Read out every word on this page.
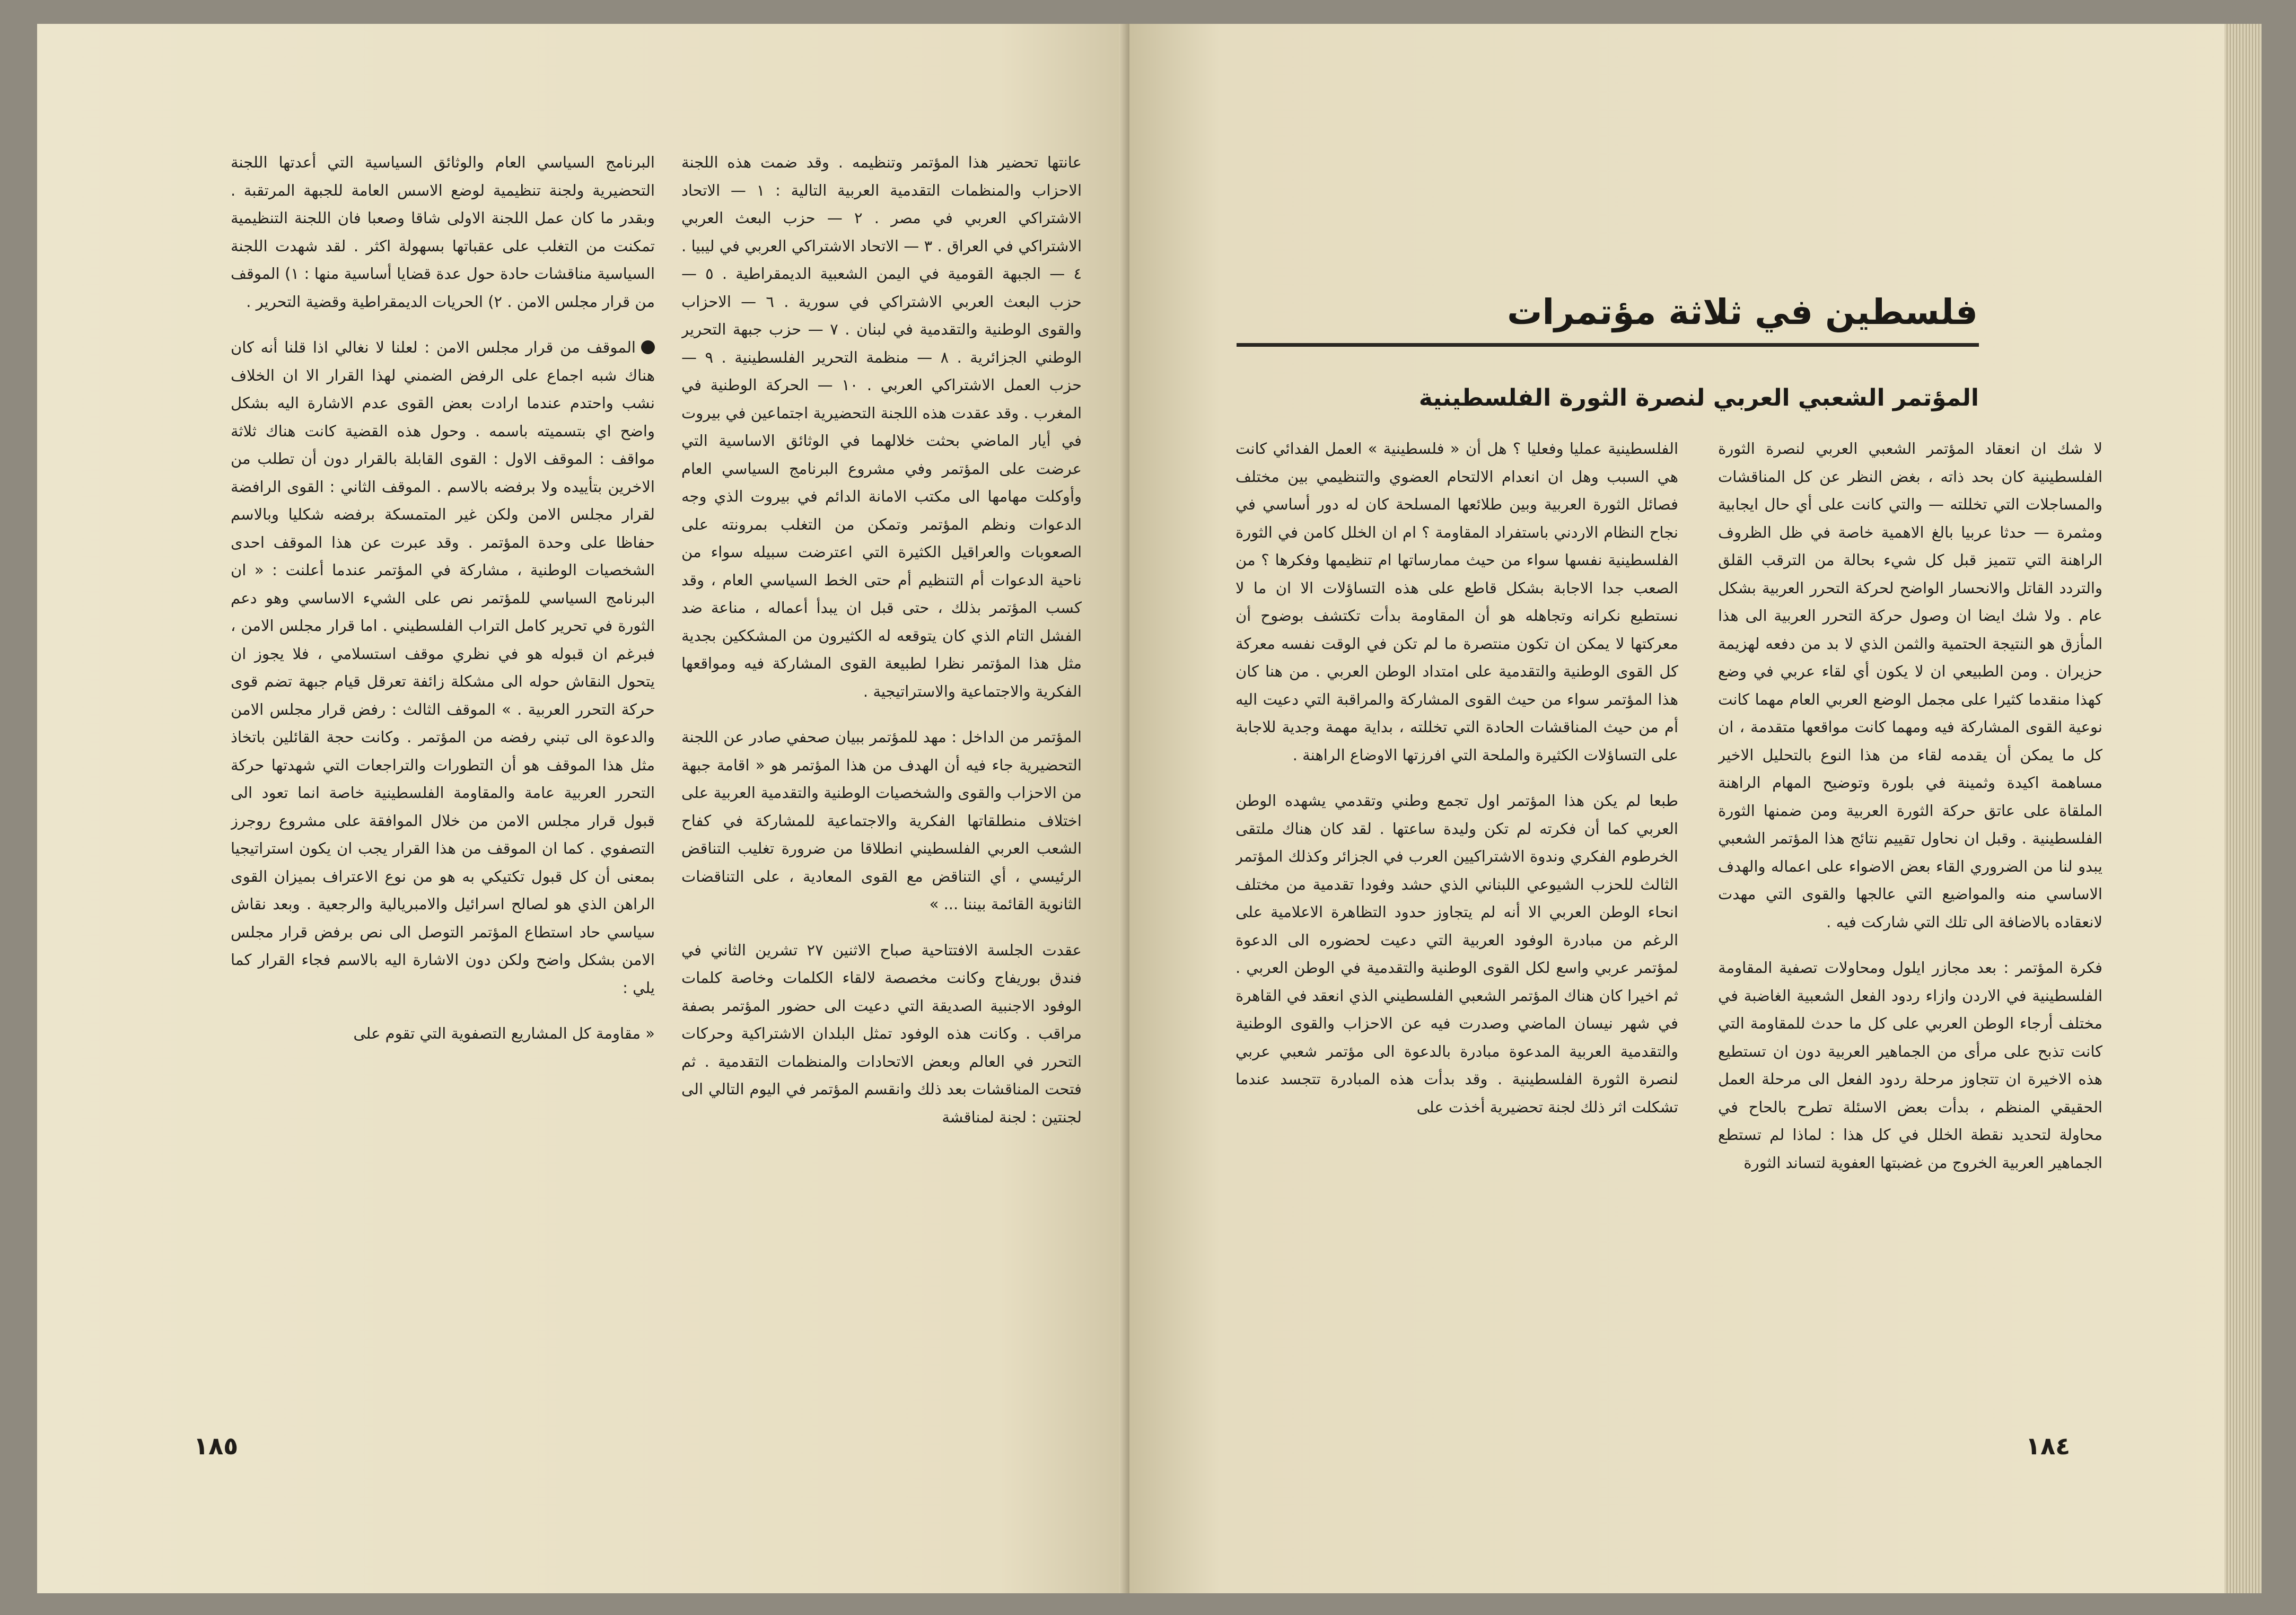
عانتها تحضير هذا المؤتمر وتنظيمه . وقد ضمت هذه اللجنة الاحزاب والمنظمات التقدمية العربية التالية : ١ — الاتحاد الاشتراكي العربي في مصر . ٢ — حزب البعث العربي الاشتراكي في العراق . ٣ — الاتحاد الاشتراكي العربي في ليبيا . ٤ — الجبهة القومية في اليمن الشعبية الديمقراطية . ٥ — حزب البعث العربي الاشتراكي في سورية . ٦ — الاحزاب والقوى الوطنية والتقدمية في لبنان . ٧ — حزب جبهة التحرير الوطني الجزائرية . ٨ — منظمة التحرير الفلسطينية . ٩ — حزب العمل الاشتراكي العربي . ١٠ — الحركة الوطنية في المغرب . وقد عقدت هذه اللجنة التحضيرية اجتماعين في بيروت في أيار الماضي بحثت خلالهما في الوثائق الاساسية التي عرضت على المؤتمر وفي مشروع البرنامج السياسي العام وأوكلت مهامها الى مكتب الامانة الدائم في بيروت الذي وجه الدعوات ونظم المؤتمر وتمكن من التغلب بمرونته على الصعوبات والعراقيل الكثيرة التي اعترضت سبيله سواء من ناحية الدعوات أم التنظيم أم حتى الخط السياسي العام ، وقد كسب المؤتمر بذلك ، حتى قبل ان يبدأ أعماله ، مناعة ضد الفشل التام الذي كان يتوقعه له الكثيرون من المشككين بجدية مثل هذا المؤتمر نظرا لطبيعة القوى المشاركة فيه ومواقعها الفكرية والاجتماعية والاستراتيجية .

المؤتمر من الداخل : مهد للمؤتمر ببيان صحفي صادر عن اللجنة التحضيرية جاء فيه أن الهدف من هذا المؤتمر هو « اقامة جبهة من الاحزاب والقوى والشخصيات الوطنية والتقدمية العربية على اختلاف منطلقاتها الفكرية والاجتماعية للمشاركة في كفاح الشعب العربي الفلسطيني انطلاقا من ضرورة تغليب التناقض الرئيسي ، أي التناقض مع القوى المعادية ، على التناقضات الثانوية القائمة بيننا ... »

عقدت الجلسة الافتتاحية صباح الاثنين ٢٧ تشرين الثاني في فندق بوريفاج وكانت مخصصة لالقاء الكلمات وخاصة كلمات الوفود الاجنبية الصديقة التي دعيت الى حضور المؤتمر بصفة مراقب . وكانت هذه الوفود تمثل البلدان الاشتراكية وحركات التحرر في العالم وبعض الاتحادات والمنظمات التقدمية . ثم فتحت المناقشات بعد ذلك وانقسم المؤتمر في اليوم التالي الى لجنتين : لجنة لمناقشة

البرنامج السياسي العام والوثائق السياسية التي أعدتها اللجنة التحضيرية ولجنة تنظيمية لوضع الاسس العامة للجبهة المرتقبة . وبقدر ما كان عمل اللجنة الاولى شاقا وصعبا فان اللجنة التنظيمية تمكنت من التغلب على عقباتها بسهولة اكثر . لقد شهدت اللجنة السياسية مناقشات حادة حول عدة قضايا أساسية منها : ١) الموقف من قرار مجلس الامن . ٢) الحريات الديمقراطية وقضية التحرير .

الموقف من قرار مجلس الامن : لعلنا لا نغالي اذا قلنا أنه كان هناك شبه اجماع على الرفض الضمني لهذا القرار الا ان الخلاف نشب واحتدم عندما ارادت بعض القوى عدم الاشارة اليه بشكل واضح اي بتسميته باسمه . وحول هذه القضية كانت هناك ثلاثة مواقف : الموقف الاول : القوى القابلة بالقرار دون أن تطلب من الاخرين بتأييده ولا برفضه بالاسم . الموقف الثاني : القوى الرافضة لقرار مجلس الامن ولكن غير المتمسكة برفضه شكليا وبالاسم حفاظا على وحدة المؤتمر . وقد عبرت عن هذا الموقف احدى الشخصيات الوطنية ، مشاركة في المؤتمر عندما أعلنت : « ان البرنامج السياسي للمؤتمر نص على الشيء الاساسي وهو دعم الثورة في تحرير كامل التراب الفلسطيني . اما قرار مجلس الامن ، فبرغم ان قبوله هو في نظري موقف استسلامي ، فلا يجوز ان يتحول النقاش حوله الى مشكلة زائفة تعرقل قيام جبهة تضم قوى حركة التحرر العربية . » الموقف الثالث : رفض قرار مجلس الامن والدعوة الى تبني رفضه من المؤتمر . وكانت حجة القائلين باتخاذ مثل هذا الموقف هو أن التطورات والتراجعات التي شهدتها حركة التحرر العربية عامة والمقاومة الفلسطينية خاصة انما تعود الى قبول قرار مجلس الامن من خلال الموافقة على مشروع روجرز التصفوي . كما ان الموقف من هذا القرار يجب ان يكون استراتيجيا بمعنى أن كل قبول تكتيكي به هو من نوع الاعتراف بميزان القوى الراهن الذي هو لصالح اسرائيل والامبريالية والرجعية . وبعد نقاش سياسي حاد استطاع المؤتمر التوصل الى نص برفض قرار مجلس الامن بشكل واضح ولكن دون الاشارة اليه بالاسم فجاء القرار كما يلي :

« مقاومة كل المشاريع التصفوية التي تقوم على

١٨٥

لا شك ان انعقاد المؤتمر الشعبي العربي لنصرة الثورة الفلسطينية كان بحد ذاته ، بغض النظر عن كل المناقشات والمساجلات التي تخللته — والتي كانت على أي حال ايجابية ومثمرة — حدثا عربيا بالغ الاهمية خاصة في ظل الظروف الراهنة التي تتميز قبل كل شيء بحالة من الترقب القلق والتردد القاتل والانحسار الواضح لحركة التحرر العربية بشكل عام . ولا شك ايضا ان وصول حركة التحرر العربية الى هذا المأزق هو النتيجة الحتمية والثمن الذي لا بد من دفعه لهزيمة حزيران . ومن الطبيعي ان لا يكون أي لقاء عربي في وضع كهذا منقدما كثيرا على مجمل الوضع العربي العام مهما كانت نوعية القوى المشاركة فيه ومهما كانت مواقعها متقدمة ، ان كل ما يمكن أن يقدمه لقاء من هذا النوع بالتحليل الاخير مساهمة اكيدة وثمينة في بلورة وتوضيح المهام الراهنة الملقاة على عاتق حركة الثورة العربية ومن ضمنها الثورة الفلسطينية . وقبل ان نحاول تقييم نتائج هذا المؤتمر الشعبي يبدو لنا من الضروري القاء بعض الاضواء على اعماله والهدف الاساسي منه والمواضيع التي عالجها والقوى التي مهدت لانعقاده بالاضافة الى تلك التي شاركت فيه .

فكرة المؤتمر : بعد مجازر ايلول ومحاولات تصفية المقاومة الفلسطينية في الاردن وازاء ردود الفعل الشعبية الغاضبة في مختلف أرجاء الوطن العربي على كل ما حدث للمقاومة التي كانت تذبح على مرأى من الجماهير العربية دون ان تستطيع هذه الاخيرة ان تتجاوز مرحلة ردود الفعل الى مرحلة العمل الحقيقي المنظم ، بدأت بعض الاسئلة تطرح بالحاح في محاولة لتحديد نقطة الخلل في كل هذا : لماذا لم تستطع الجماهير العربية الخروج من غضبتها العفوية لتساند الثورة

الفلسطينية عمليا وفعليا ؟ هل أن « فلسطينية » العمل الفدائي كانت هي السبب وهل ان انعدام الالتحام العضوي والتنظيمي بين مختلف فصائل الثورة العربية وبين طلائعها المسلحة كان له دور أساسي في نجاح النظام الاردني باستفراد المقاومة ؟ ام ان الخلل كامن في الثورة الفلسطينية نفسها سواء من حيث ممارساتها ام تنظيمها وفكرها ؟ من الصعب جدا الاجابة بشكل قاطع على هذه التساؤلات الا ان ما لا نستطيع نكرانه وتجاهله هو أن المقاومة بدأت تكتشف بوضوح أن معركتها لا يمكن ان تكون منتصرة ما لم تكن في الوقت نفسه معركة كل القوى الوطنية والتقدمية على امتداد الوطن العربي . من هنا كان هذا المؤتمر سواء من حيث القوى المشاركة والمراقبة التي دعيت اليه أم من حيث المناقشات الحادة التي تخللته ، بداية مهمة وجدية للاجابة على التساؤلات الكثيرة والملحة التي افرزتها الاوضاع الراهنة .

طبعا لم يكن هذا المؤتمر اول تجمع وطني وتقدمي يشهده الوطن العربي كما أن فكرته لم تكن وليدة ساعتها . لقد كان هناك ملتقى الخرطوم الفكري وندوة الاشتراكيين العرب في الجزائر وكذلك المؤتمر الثالث للحزب الشيوعي اللبناني الذي حشد وفودا تقدمية من مختلف انحاء الوطن العربي الا أنه لم يتجاوز حدود التظاهرة الاعلامية على الرغم من مبادرة الوفود العربية التي دعيت لحضوره الى الدعوة لمؤتمر عربي واسع لكل القوى الوطنية والتقدمية في الوطن العربي . ثم اخيرا كان هناك المؤتمر الشعبي الفلسطيني الذي انعقد في القاهرة في شهر نيسان الماضي وصدرت فيه عن الاحزاب والقوى الوطنية والتقدمية العربية المدعوة مبادرة بالدعوة الى مؤتمر شعبي عربي لنصرة الثورة الفلسطينية . وقد بدأت هذه المبادرة تتجسد عندما تشكلت اثر ذلك لجنة تحضيرية أخذت على

١٨٤
فلسطين في ثلاثة مؤتمرات
المؤتمر الشعبي العربي لنصرة الثورة الفلسطينية
